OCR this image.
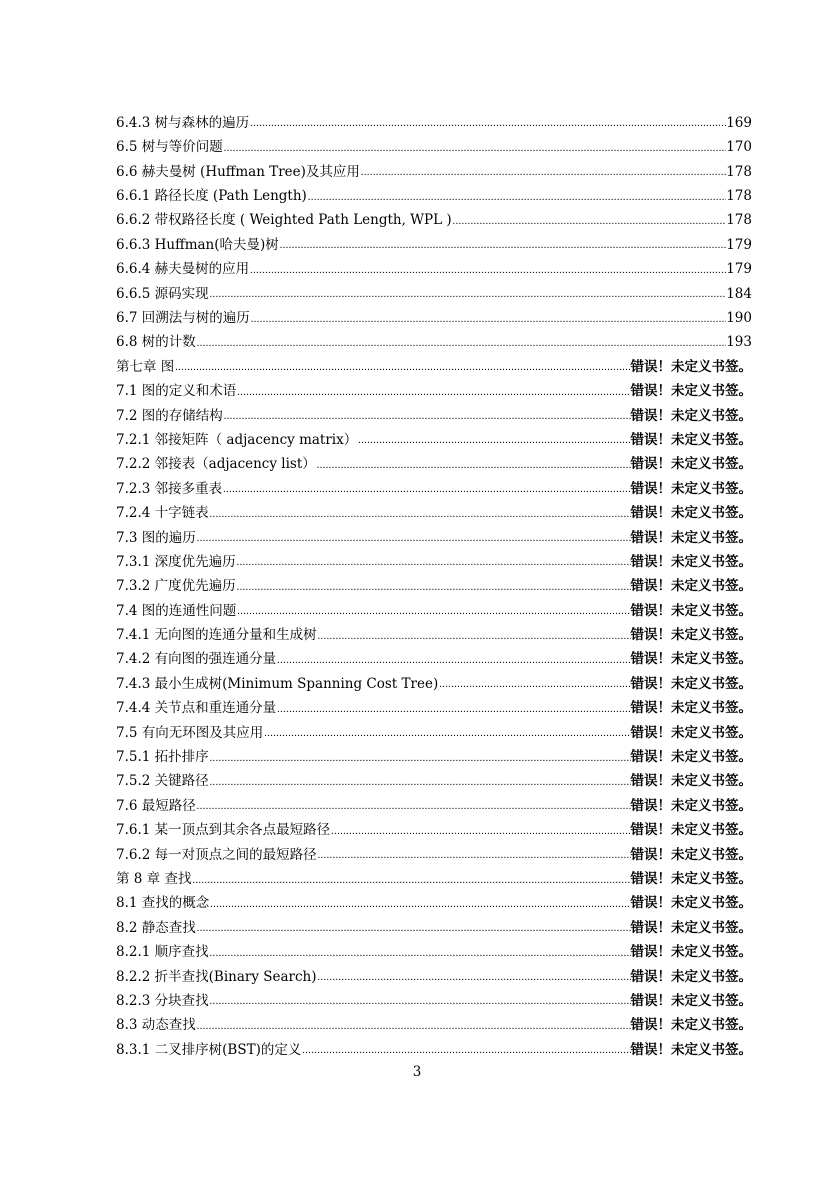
6.4.3 树与森林的遍历 .....	169
6.5 树与等价问题 .....	170
6.6 赫夫曼树 (Huffman Tree)及其应用 .....	178
6.6.1 路径长度 (Path Length) .....	178
6.6.2 带权路径长度 ( Weighted Path Length, WPL ) .....	178
6.6.3 Huffman(哈夫曼)树 .....	179
6.6.4 赫夫曼树的应用 .....	179
6.6.5 源码实现 .....	184
6.7 回溯法与树的遍历 .....	190
6.8 树的计数 .....	193
第七章 图 .....	错误！未定义书签。
7.1 图的定义和术语 .....	错误！未定义书签。
7.2 图的存储结构 .....	错误！未定义书签。
7.2.1 邻接矩阵（ adjacency matrix） .....	错误！未定义书签。
7.2.2 邻接表（adjacency list） .....	错误！未定义书签。
7.2.3 邻接多重表 .....	错误！未定义书签。
7.2.4 十字链表 .....	错误！未定义书签。
7.3 图的遍历 .....	错误！未定义书签。
7.3.1 深度优先遍历 .....	错误！未定义书签。
7.3.2 广度优先遍历 .....	错误！未定义书签。
7.4 图的连通性问题 .....	错误！未定义书签。
7.4.1 无向图的连通分量和生成树 .....	错误！未定义书签。
7.4.2 有向图的强连通分量 .....	错误！未定义书签。
7.4.3 最小生成树(Minimum Spanning Cost Tree) .....	错误！未定义书签。
7.4.4 关节点和重连通分量 .....	错误！未定义书签。
7.5 有向无环图及其应用 .....	错误！未定义书签。
7.5.1 拓扑排序 .....	错误！未定义书签。
7.5.2 关键路径 .....	错误！未定义书签。
7.6 最短路径 .....	错误！未定义书签。
7.6.1 某一顶点到其余各点最短路径 .....	错误！未定义书签。
7.6.2 每一对顶点之间的最短路径 .....	错误！未定义书签。
第 8 章 查找 .....	错误！未定义书签。
8.1 查找的概念 .....	错误！未定义书签。
8.2 静态查找 .....	错误！未定义书签。
8.2.1 顺序查找 .....	错误！未定义书签。
8.2.2 折半查找(Binary Search) .....	错误！未定义书签。
8.2.3 分块查找 .....	错误！未定义书签。
8.3 动态查找 .....	错误！未定义书签。
8.3.1 二叉排序树(BST)的定义 .....	错误！未定义书签。
3
